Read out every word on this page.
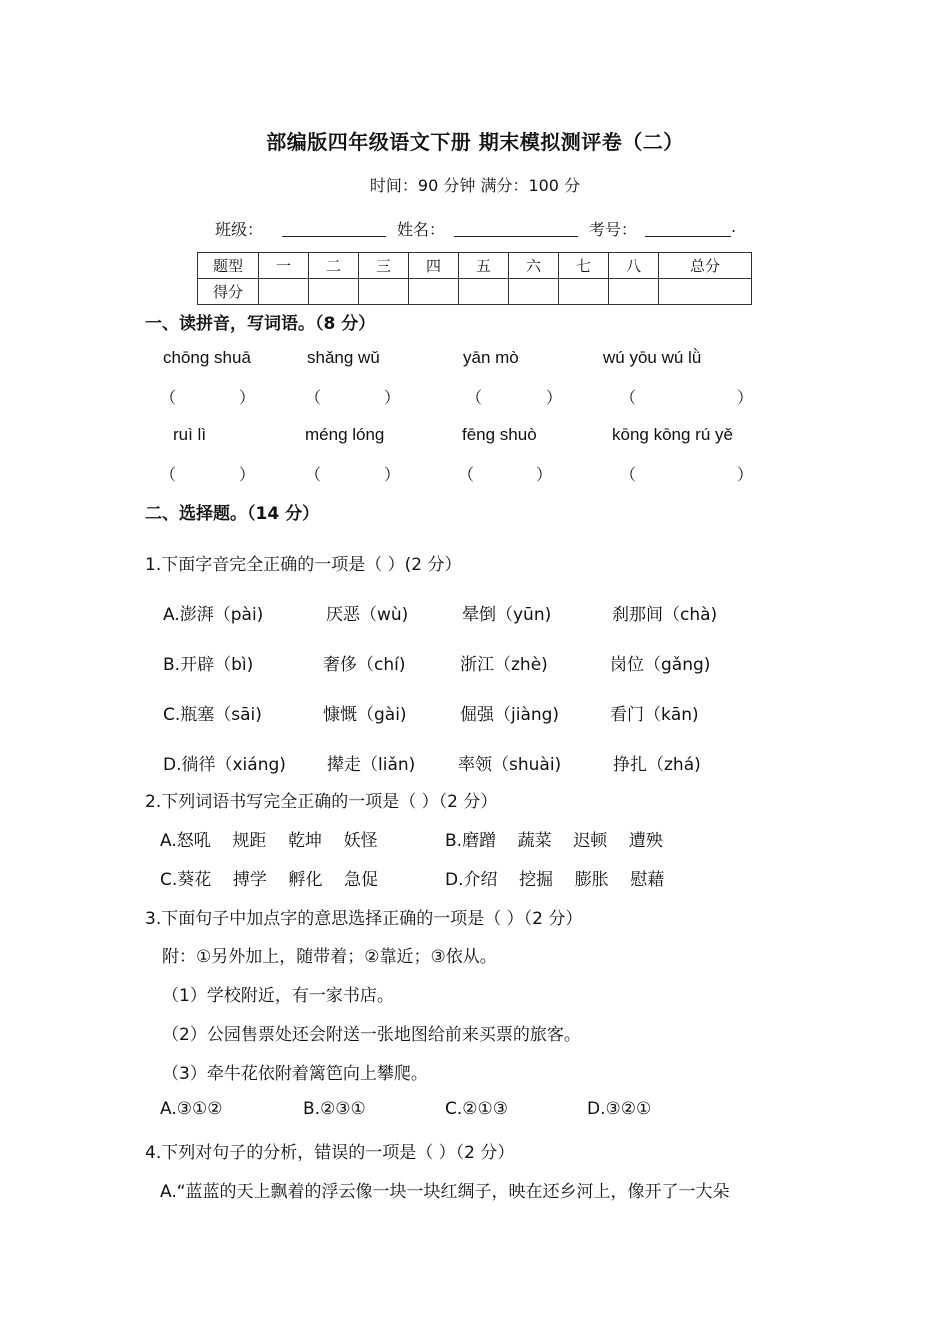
部编版四年级语文下册 期末模拟测评卷（二）
时间：90 分钟 满分：100 分
班级：	姓名：	考号：	.
题型	一	二	三	四	五	六	七	八	总分
得分									
一、读拼音，写词语。（8 分）
chōng shuā	shǎng wǔ	yān mò	wú yōu wú lǜ
（	）	（	）	（	）	（	）
ruì lì	méng lóng	fēng shuò	kōng kōng rú yě
（	）	（	）	（	）	（	）
二、选择题。（14 分）
1.下面字音完全正确的一项是（ ）(2 分）
A.澎湃（pài)	厌恶（wù)	晕倒（yūn)	刹那间（chà)
B.开辟（bì)	奢侈（chí)	浙江（zhè)	岗位（gǎng)
C.瓶塞（sāi)	慷慨（gài)	倔强（jiàng)	看门（kān)
D.徜徉（xiáng) 撵走（liǎn)	率领（shuài)	挣扎（zhá)
2.下列词语书写完全正确的一项是（ ）（2 分）
A.怒吼    规距    乾坤    妖怪	B.磨蹭    蔬菜    迟顿    遭殃
C.葵花    搏学    孵化    急促	D.介绍    挖掘    膨胀    慰藉
3.下面句子中加点字的意思选择正确的一项是（ ）（2 分）
附：①另外加上，随带着；②靠近；③依从。
（1）学校附近，有一家书店。
（2）公园售票处还会附送一张地图给前来买票的旅客。
（3）牵牛花依附着篱笆向上攀爬。
A.③①②	B.②③①	C.②①③	D.③②①
4.下列对句子的分析，错误的一项是（ ）（2 分）
A.“蓝蓝的天上飘着的浮云像一块一块红绸子，映在还乡河上，像开了一大朵
